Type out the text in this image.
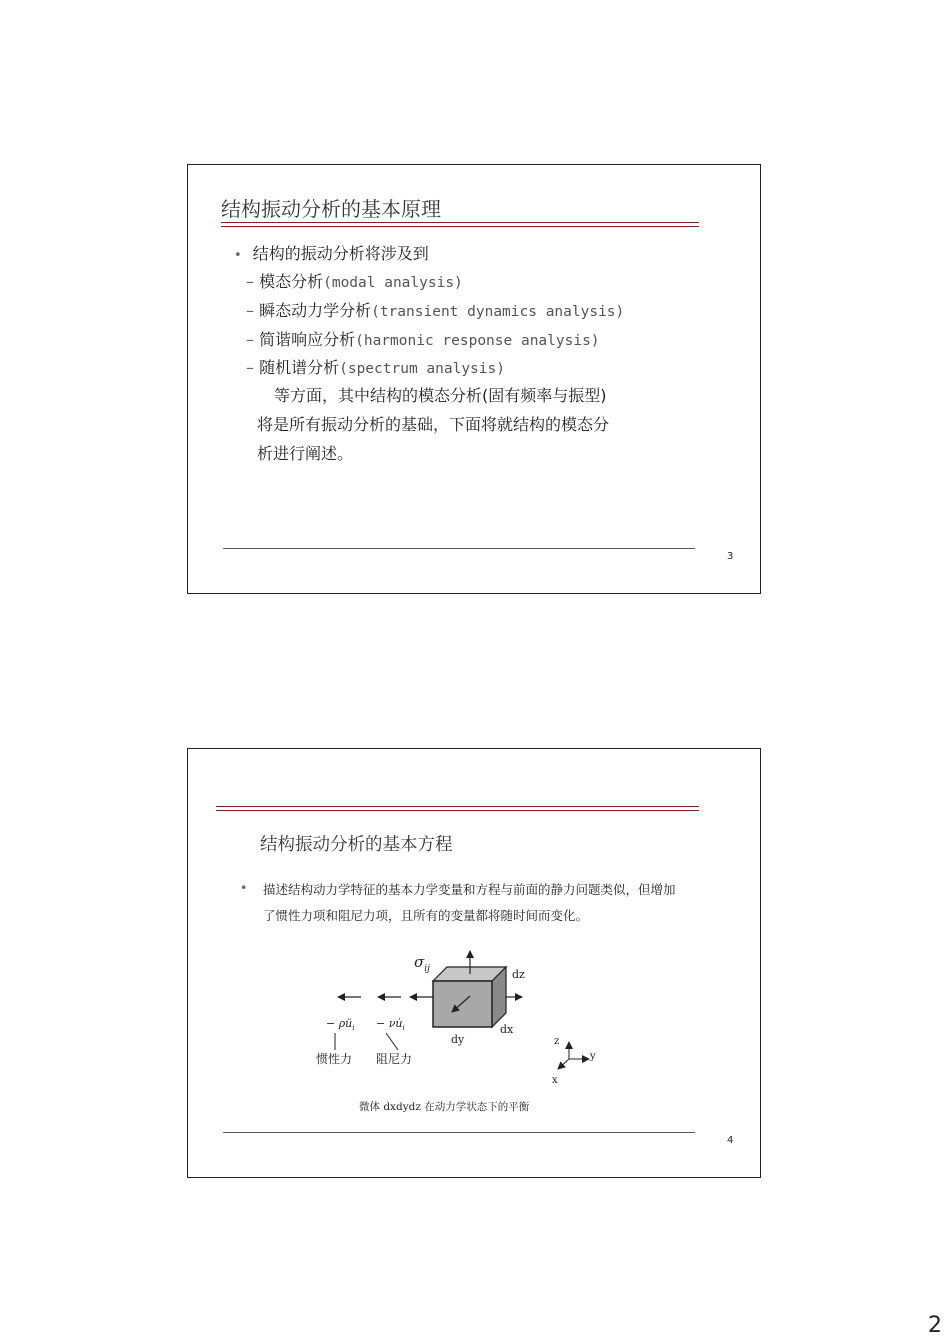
结构振动分析的基本原理
• 结构的振动分析将涉及到
– 模态分析(modal analysis)
– 瞬态动力学分析(transient dynamics analysis)
– 简谐响应分析(harmonic response analysis)
– 随机谱分析(spectrum analysis)
等方面，其中结构的模态分析(固有频率与振型)
将是所有振动分析的基础，下面将就结构的模态分
析进行阐述。
3
结构振动分析的基本方程
• 描述结构动力学特征的基本力学变量和方程与前面的静力问题类似，但增加
了惯性力项和阻尼力项，且所有的变量都将随时间而变化。
$\sigma_{ij}$	dz
dx
dy
− $\rho ü_i$ − $\nu u̇_i$
惯性力 阻尼力
z
y
x
微体 dxdydz 在动力学状态下的平衡
4
2
